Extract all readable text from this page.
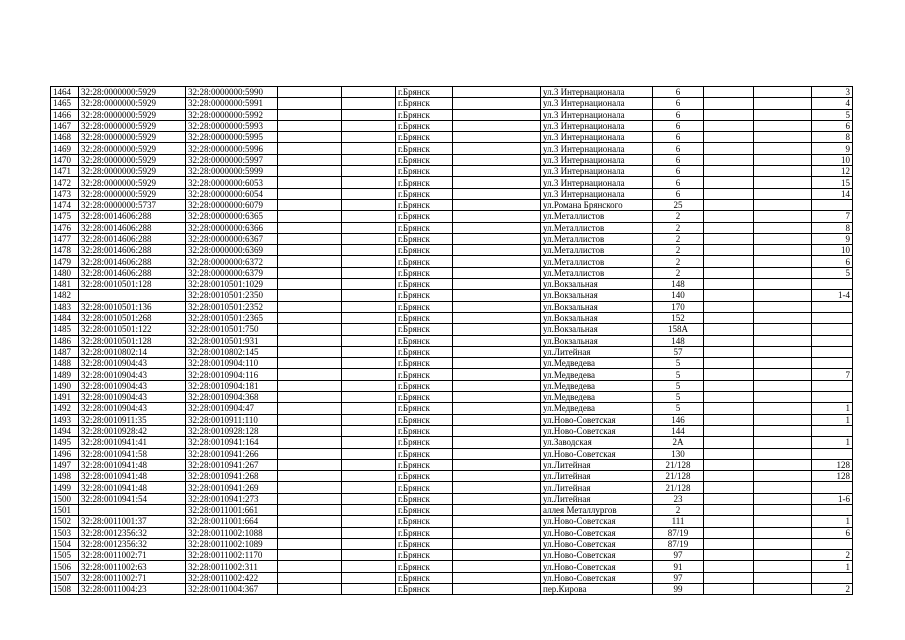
1464	32:28:0000000:5929	32:28:0000000:5990			г.Брянск		ул.3 Интернационала	6			3
1465	32:28:0000000:5929	32:28:0000000:5991			г.Брянск		ул.3 Интернационала	6			4
1466	32:28:0000000:5929	32:28:0000000:5992			г.Брянск		ул.3 Интернационала	6			5
1467	32:28:0000000:5929	32:28:0000000:5993			г.Брянск		ул.3 Интернационала	6			6
1468	32:28:0000000:5929	32:28:0000000:5995			г.Брянск		ул.3 Интернационала	6			8
1469	32:28:0000000:5929	32:28:0000000:5996			г.Брянск		ул.3 Интернационала	6			9
1470	32:28:0000000:5929	32:28:0000000:5997			г.Брянск		ул.3 Интернационала	6			10
1471	32:28:0000000:5929	32:28:0000000:5999			г.Брянск		ул.3 Интернационала	6			12
1472	32:28:0000000:5929	32:28:0000000:6053			г.Брянск		ул.3 Интернационала	6			15
1473	32:28:0000000:5929	32:28:0000000:6054			г.Брянск		ул.3 Интернационала	6			14
1474	32:28:0000000:5737	32:28:0000000:6079			г.Брянск		ул.Романа Брянского	25			
1475	32:28:0014606:288	32:28:0000000:6365			г.Брянск		ул.Металлистов	2			7
1476	32:28:0014606:288	32:28:0000000:6366			г.Брянск		ул.Металлистов	2			8
1477	32:28:0014606:288	32:28:0000000:6367			г.Брянск		ул.Металлистов	2			9
1478	32:28:0014606:288	32:28:0000000:6369			г.Брянск		ул.Металлистов	2			10
1479	32:28:0014606:288	32:28:0000000:6372			г.Брянск		ул.Металлистов	2			6
1480	32:28:0014606:288	32:28:0000000:6379			г.Брянск		ул.Металлистов	2			5
1481	32:28:0010501:128	32:28:0010501:1029			г.Брянск		ул.Вокзальная	148			
1482		32:28:0010501:2350			г.Брянск		ул.Вокзальная	140			1-4
1483	32:28:0010501:136	32:28:0010501:2352			г.Брянск		ул.Вокзальная	170			
1484	32:28:0010501:268	32:28:0010501:2365			г.Брянск		ул.Вокзальная	152			
1485	32:28:0010501:122	32:28:0010501:750			г.Брянск		ул.Вокзальная	158А			
1486	32:28:0010501:128	32:28:0010501:931			г.Брянск		ул.Вокзальная	148			
1487	32:28:0010802:14	32:28:0010802:145			г.Брянск		ул.Литейная	57			
1488	32:28:0010904:43	32:28:0010904:110			г.Брянск		ул.Медведева	5			
1489	32:28:0010904:43	32:28:0010904:116			г.Брянск		ул.Медведева	5			7
1490	32:28:0010904:43	32:28:0010904:181			г.Брянск		ул.Медведева	5			
1491	32:28:0010904:43	32:28:0010904:368			г.Брянск		ул.Медведева	5			
1492	32:28:0010904:43	32:28:0010904:47			г.Брянск		ул.Медведева	5			1
1493	32:28:0010911:35	32:28:0010911:110			г.Брянск		ул.Ново-Советская	146			1
1494	32:28:0010928:42	32:28:0010928:128			г.Брянск		ул.Ново-Советская	144			
1495	32:28:0010941:41	32:28:0010941:164			г.Брянск		ул.Заводская	2А			1
1496	32:28:0010941:58	32:28:0010941:266			г.Брянск		ул.Ново-Советская	130			
1497	32:28:0010941:48	32:28:0010941:267			г.Брянск		ул.Литейная	21/128			128
1498	32:28:0010941:48	32:28:0010941:268			г.Брянск		ул.Литейная	21/128			128
1499	32:28:0010941:48	32:28:0010941:269			г.Брянск		ул.Литейная	21/128			
1500	32:28:0010941:54	32:28:0010941:273			г.Брянск		ул.Литейная	23			1-6
1501		32:28:0011001:661			г.Брянск		аллея Металлургов	2			
1502	32:28:0011001:37	32:28:0011001:664			г.Брянск		ул.Ново-Советская	111			1
1503	32:28:0012356:32	32:28:0011002:1088			г.Брянск		ул.Ново-Советская	87/19			6
1504	32:28:0012356:32	32:28:0011002:1089			г.Брянск		ул.Ново-Советская	87/19			
1505	32:28:0011002:71	32:28:0011002:1170			г.Брянск		ул.Ново-Советская	97			2
1506	32:28:0011002:63	32:28:0011002:311			г.Брянск		ул.Ново-Советская	91			1
1507	32:28:0011002:71	32:28:0011002:422			г.Брянск		ул.Ново-Советская	97			
1508	32:28:0011004:23	32:28:0011004:367			г.Брянск		пер.Кирова	99			2
